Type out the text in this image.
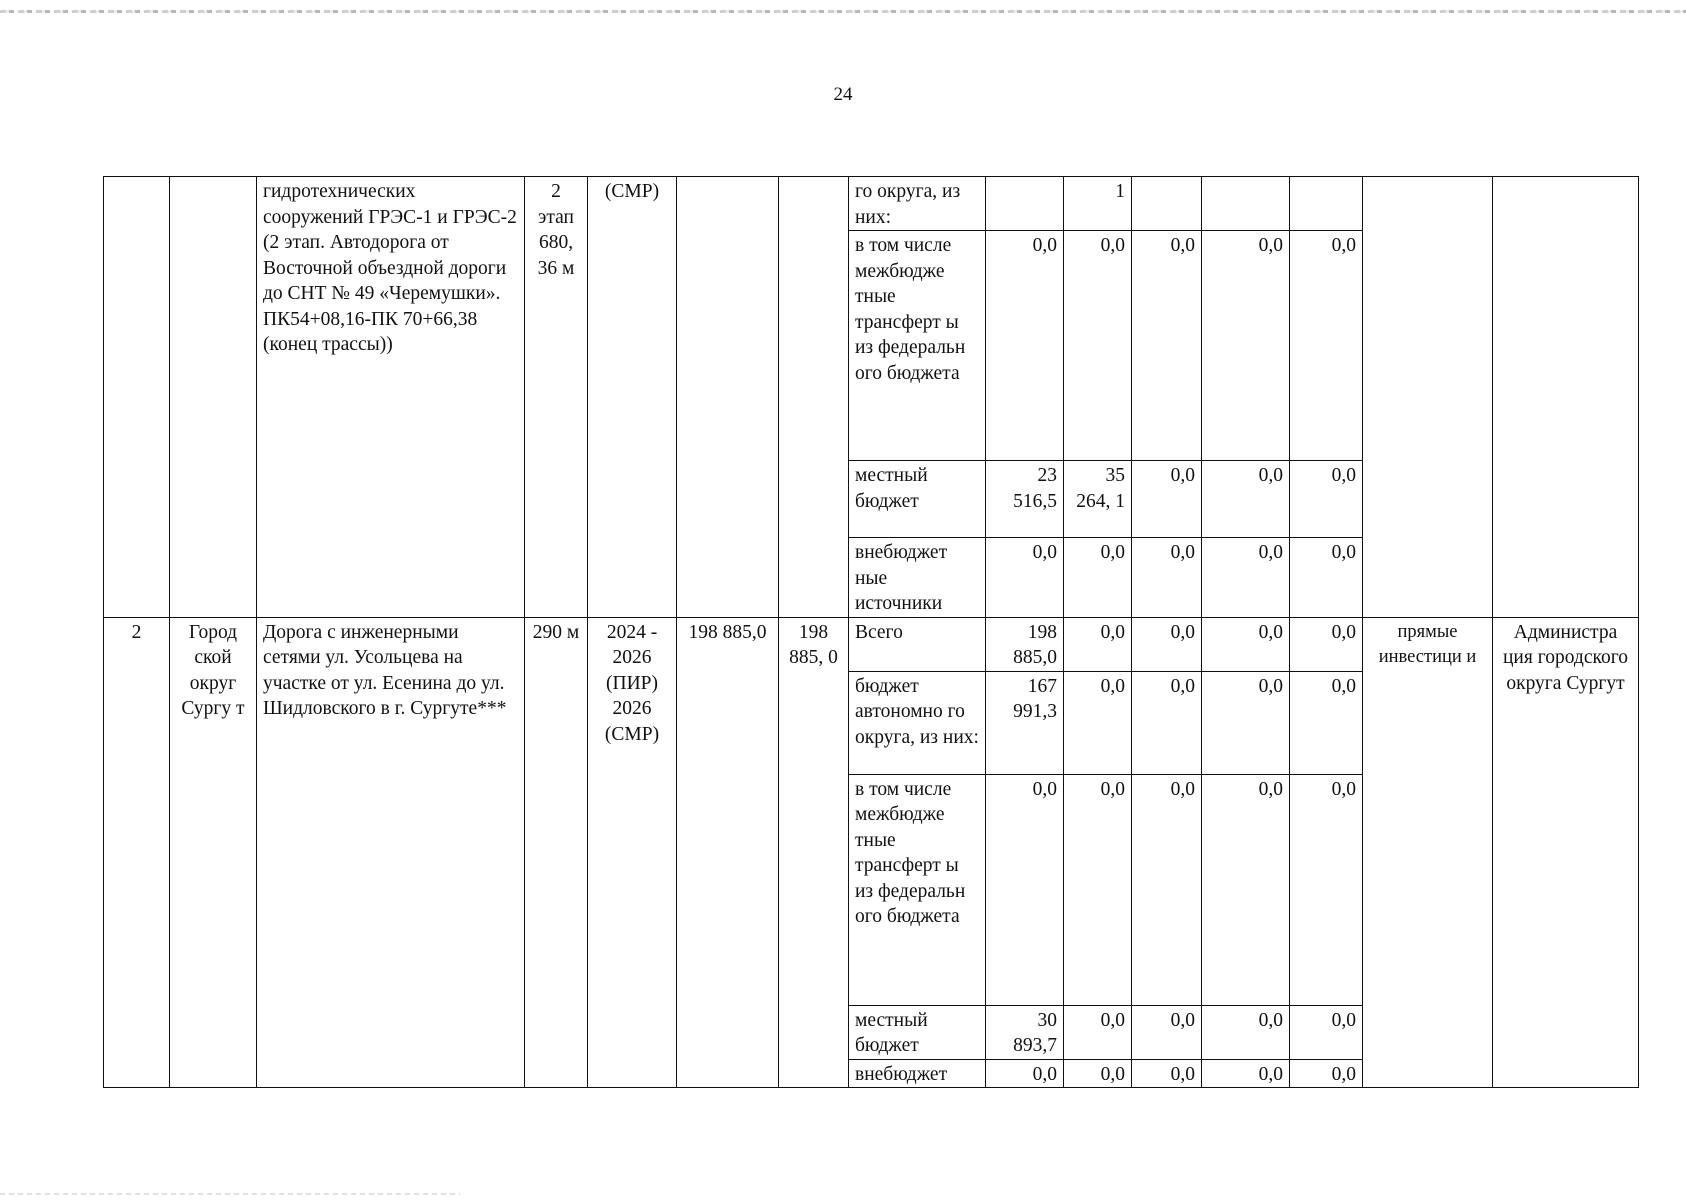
24
		гидротехнических сооружений ГРЭС-1 и ГРЭС-2 (2 этап. Автодорога от Восточной объездной дороги до СНТ № 49 «Черемушки». ПК54+08,16-ПК 70+66,38 (конец трассы))	2 этап 680, 36 м	(СМР)			го округа, из них:		1					
							в том числе межбюдже тные трансферт ы из федеральн ого бюджета	0,0	0,0	0,0	0,0	0,0		
							местный бюджет	23 516,5	35 264, 1	0,0	0,0	0,0		
							внебюджет ные источники	0,0	0,0	0,0	0,0	0,0		
2	Город ской округ Сургу т	Дорога с инженерными сетями ул. Усольцева на участке от ул. Есенина до ул. Шидловского в г. Сургуте***	290 м	2024 - 2026 (ПИР) 2026 (СМР)	198 885,0	198 885, 0	Всего	198 885,0	0,0	0,0	0,0	0,0	прямые инвестици и	Администра ция городского округа Сургут
							бюджет автономно го округа, из них:	167 991,3	0,0	0,0	0,0	0,0		
							в том числе межбюдже тные трансферт ы из федеральн ого бюджета	0,0	0,0	0,0	0,0	0,0		
							местный бюджет	30 893,7	0,0	0,0	0,0	0,0		
							внебюджет	0,0	0,0	0,0	0,0	0,0		
